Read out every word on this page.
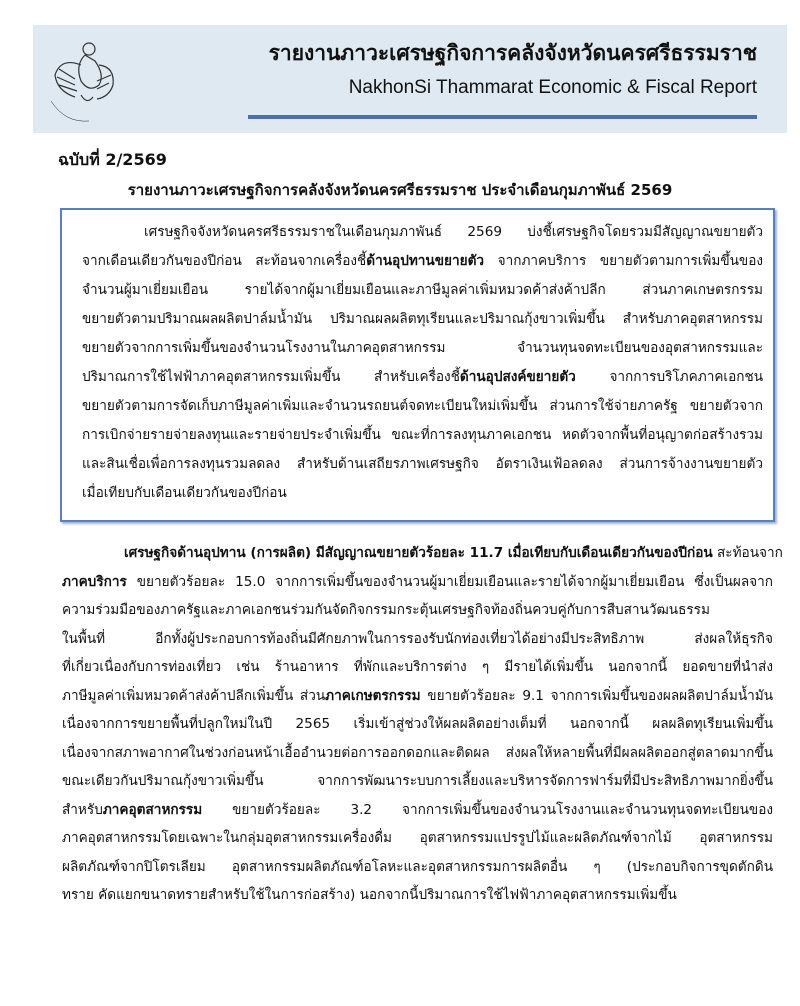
รายงานภาวะเศรษฐกิจการคลังจังหวัดนครศรีธรรมราช
NakhonSi Thammarat Economic & Fiscal Report
ฉบับที่ 2/2569
รายงานภาวะเศรษฐกิจการคลังจังหวัดนครศรีธรรมราช ประจำเดือนกุมภาพันธ์ 2569
เศรษฐกิจจังหวัดนครศรีธรรมราชในเดือนกุมภาพันธ์ 2569 บ่งชี้เศรษฐกิจโดยรวมมีสัญญาณขยายตัว
จากเดือนเดียวกันของปีก่อน สะท้อนจากเครื่องชี้ด้านอุปทานขยายตัว จากภาคบริการ ขยายตัวตามการเพิ่มขึ้นของ
จำนวนผู้มาเยี่ยมเยือน รายได้จากผู้มาเยี่ยมเยือนและภาษีมูลค่าเพิ่มหมวดค้าส่งค้าปลีก ส่วนภาคเกษตรกรรม
ขยายตัวตามปริมาณผลผลิตปาล์มน้ำมัน ปริมาณผลผลิตทุเรียนและปริมาณกุ้งขาวเพิ่มขึ้น สำหรับภาคอุตสาหกรรม
ขยายตัวจากการเพิ่มขึ้นของจำนวนโรงงานในภาคอุตสาหกรรม จำนวนทุนจดทะเบียนของอุตสาหกรรมและ
ปริมาณการใช้ไฟฟ้าภาคอุตสาหกรรมเพิ่มขึ้น สำหรับเครื่องชี้ด้านอุปสงค์ขยายตัว จากการบริโภคภาคเอกชน
ขยายตัวตามการจัดเก็บภาษีมูลค่าเพิ่มและจำนวนรถยนต์จดทะเบียนใหม่เพิ่มขึ้น ส่วนการใช้จ่ายภาครัฐ ขยายตัวจาก
การเบิกจ่ายรายจ่ายลงทุนและรายจ่ายประจำเพิ่มขึ้น ขณะที่การลงทุนภาคเอกชน หดตัวจากพื้นที่อนุญาตก่อสร้างรวม
และสินเชื่อเพื่อการลงทุนรวมลดลง สำหรับด้านเสถียรภาพเศรษฐกิจ อัตราเงินเฟ้อลดลง ส่วนการจ้างงานขยายตัว
เมื่อเทียบกับเดือนเดียวกันของปีก่อน
เศรษฐกิจด้านอุปทาน (การผลิต) มีสัญญาณขยายตัวร้อยละ 11.7 เมื่อเทียบกับเดือนเดียวกันของปีก่อน สะท้อนจาก
ภาคบริการ ขยายตัวร้อยละ 15.0 จากการเพิ่มขึ้นของจำนวนผู้มาเยี่ยมเยือนและรายได้จากผู้มาเยี่ยมเยือน ซึ่งเป็นผลจาก
ความร่วมมือของภาครัฐและภาคเอกชนร่วมกันจัดกิจกรรมกระตุ้นเศรษฐกิจท้องถิ่นควบคู่กับการสืบสานวัฒนธรรม
ในพื้นที่ อีกทั้งผู้ประกอบการท้องถิ่นมีศักยภาพในการรองรับนักท่องเที่ยวได้อย่างมีประสิทธิภาพ ส่งผลให้ธุรกิจ
ที่เกี่ยวเนื่องกับการท่องเที่ยว เช่น ร้านอาหาร ที่พักและบริการต่าง ๆ มีรายได้เพิ่มขึ้น นอกจากนี้ ยอดขายที่นำส่ง
ภาษีมูลค่าเพิ่มหมวดค้าส่งค้าปลีกเพิ่มขึ้น ส่วนภาคเกษตรกรรม ขยายตัวร้อยละ 9.1 จากการเพิ่มขึ้นของผลผลิตปาล์มน้ำมัน
เนื่องจากการขยายพื้นที่ปลูกใหม่ในปี 2565 เริ่มเข้าสู่ช่วงให้ผลผลิตอย่างเต็มที่ นอกจากนี้ ผลผลิตทุเรียนเพิ่มขึ้น
เนื่องจากสภาพอากาศในช่วงก่อนหน้าเอื้ออำนวยต่อการออกดอกและติดผล ส่งผลให้หลายพื้นที่มีผลผลิตออกสู่ตลาดมากขึ้น
ขณะเดียวกันปริมาณกุ้งขาวเพิ่มขึ้น จากการพัฒนาระบบการเลี้ยงและบริหารจัดการฟาร์มที่มีประสิทธิภาพมากยิ่งขึ้น
สำหรับภาคอุตสาหกรรม ขยายตัวร้อยละ 3.2 จากการเพิ่มขึ้นของจำนวนโรงงานและจำนวนทุนจดทะเบียนของ
ภาคอุตสาหกรรมโดยเฉพาะในกลุ่มอุตสาหกรรมเครื่องดื่ม อุตสาหกรรมแปรรูปไม้และผลิตภัณฑ์จากไม้ อุตสาหกรรม
ผลิตภัณฑ์จากปิโตรเลียม อุตสาหกรรมผลิตภัณฑ์อโลหะและอุตสาหกรรมการผลิตอื่น ๆ (ประกอบกิจการขุดตักดิน
ทราย คัดแยกขนาดทรายสำหรับใช้ในการก่อสร้าง) นอกจากนี้ปริมาณการใช้ไฟฟ้าภาคอุตสาหกรรมเพิ่มขึ้น
